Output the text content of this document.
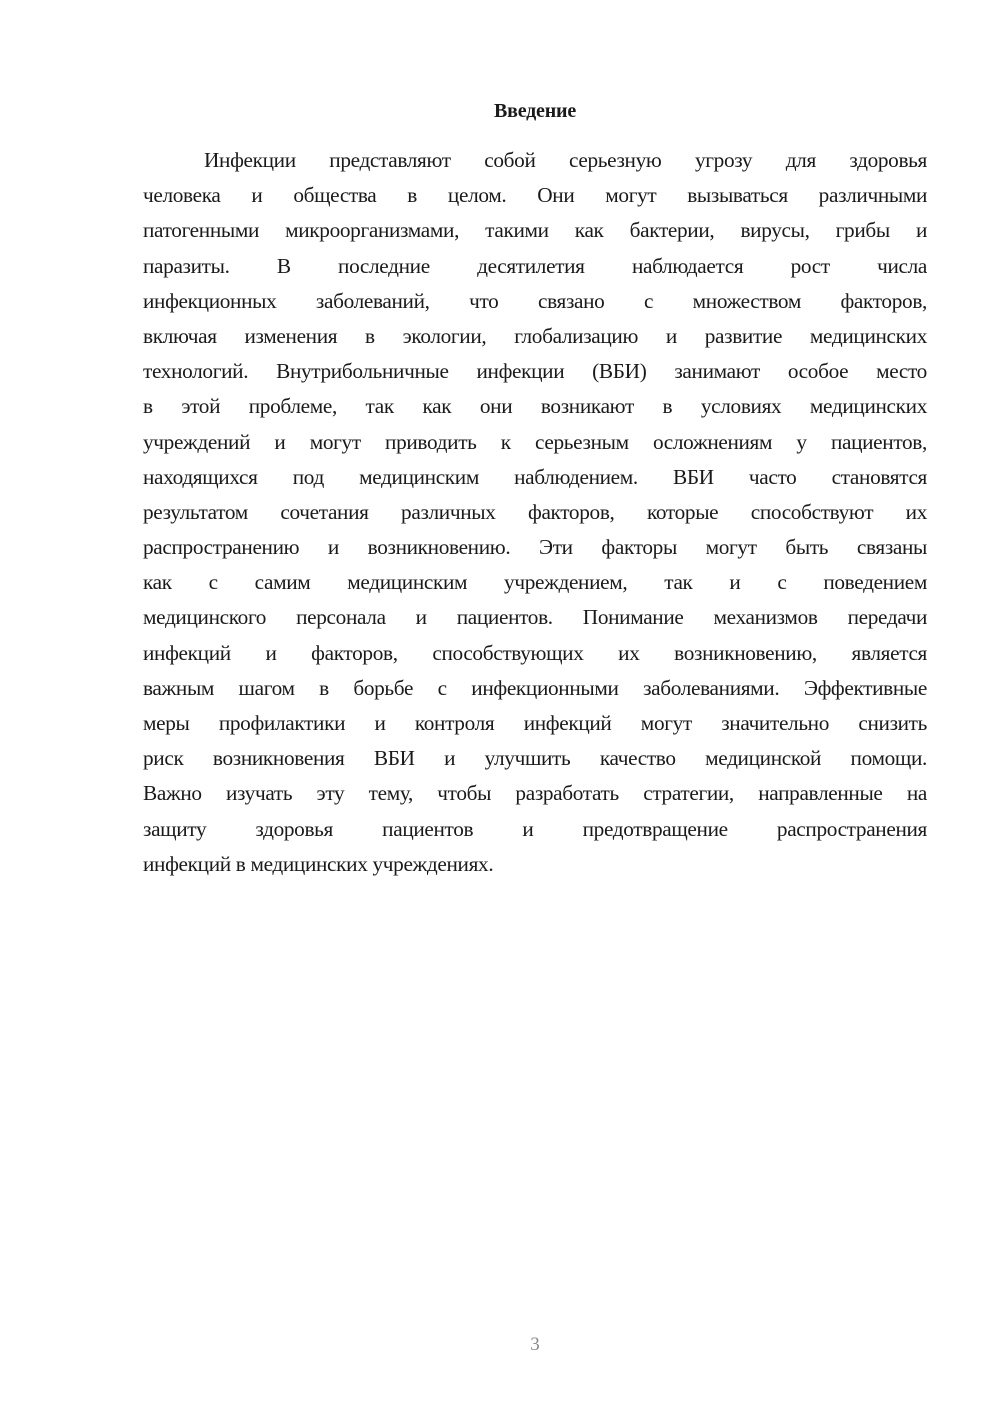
Введение
Инфекции представляют собой серьезную угрозу для здоровья
человека и общества в целом. Они могут вызываться различными
патогенными микроорганизмами, такими как бактерии, вирусы, грибы и
паразиты. В последние десятилетия наблюдается рост числа
инфекционных заболеваний, что связано с множеством факторов,
включая изменения в экологии, глобализацию и развитие медицинских
технологий. Внутрибольничные инфекции (ВБИ) занимают особое место
в этой проблеме, так как они возникают в условиях медицинских
учреждений и могут приводить к серьезным осложнениям у пациентов,
находящихся под медицинским наблюдением. ВБИ часто становятся
результатом сочетания различных факторов, которые способствуют их
распространению и возникновению. Эти факторы могут быть связаны
как с самим медицинским учреждением, так и с поведением
медицинского персонала и пациентов. Понимание механизмов передачи
инфекций и факторов, способствующих их возникновению, является
важным шагом в борьбе с инфекционными заболеваниями. Эффективные
меры профилактики и контроля инфекций могут значительно снизить
риск возникновения ВБИ и улучшить качество медицинской помощи.
Важно изучать эту тему, чтобы разработать стратегии, направленные на
защиту здоровья пациентов и предотвращение распространения
инфекций в медицинских учреждениях.
3
